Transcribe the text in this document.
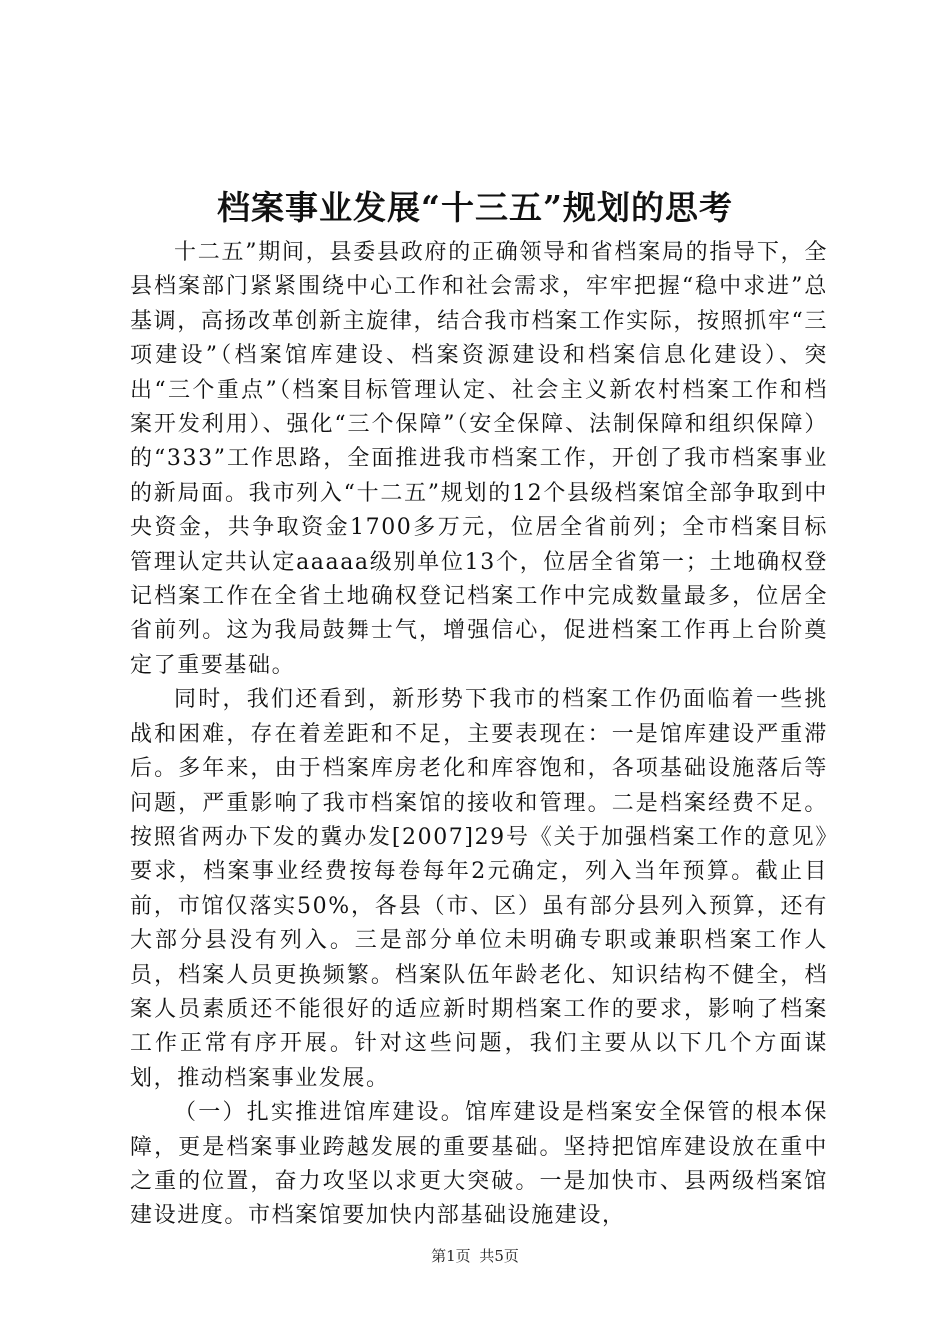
档案事业发展“十三五”规划的思考

十二五”期间，县委县政府的正确领导和省档案局的指导下，全县档案部门紧紧围绕中心工作和社会需求，牢牢把握“稳中求进”总基调，高扬改革创新主旋律，结合我市档案工作实际，按照抓牢“三项建设”（档案馆库建设、档案资源建设和档案信息化建设）、突出“三个重点”（档案目标管理认定、社会主义新农村档案工作和档案开发利用）、强化“三个保障”（安全保障、法制保障和组织保障）的“333”工作思路，全面推进我市档案工作，开创了我市档案事业的新局面。我市列入“十二五”规划的12个县级档案馆全部争取到中央资金，共争取资金1700多万元，位居全省前列；全市档案目标管理认定共认定aaaaa级别单位13个，位居全省第一；土地确权登记档案工作在全省土地确权登记档案工作中完成数量最多，位居全省前列。这为我局鼓舞士气，增强信心，促进档案工作再上台阶奠定了重要基础。

同时，我们还看到，新形势下我市的档案工作仍面临着一些挑战和困难，存在着差距和不足，主要表现在：一是馆库建设严重滞后。多年来，由于档案库房老化和库容饱和，各项基础设施落后等问题，严重影响了我市档案馆的接收和管理。二是档案经费不足。按照省两办下发的冀办发[2007]29号《关于加强档案工作的意见》要求，档案事业经费按每卷每年2元确定，列入当年预算。截止目前，市馆仅落实50%，各县（市、区）虽有部分县列入预算，还有大部分县没有列入。三是部分单位未明确专职或兼职档案工作人员，档案人员更换频繁。档案队伍年龄老化、知识结构不健全，档案人员素质还不能很好的适应新时期档案工作的要求，影响了档案工作正常有序开展。针对这些问题，我们主要从以下几个方面谋划，推动档案事业发展。

（一）扎实推进馆库建设。馆库建设是档案安全保管的根本保障，更是档案事业跨越发展的重要基础。坚持把馆库建设放在重中之重的位置，奋力攻坚以求更大突破。一是加快市、县两级档案馆建设进度。市档案馆要加快内部基础设施建设，

第1页 共5页
